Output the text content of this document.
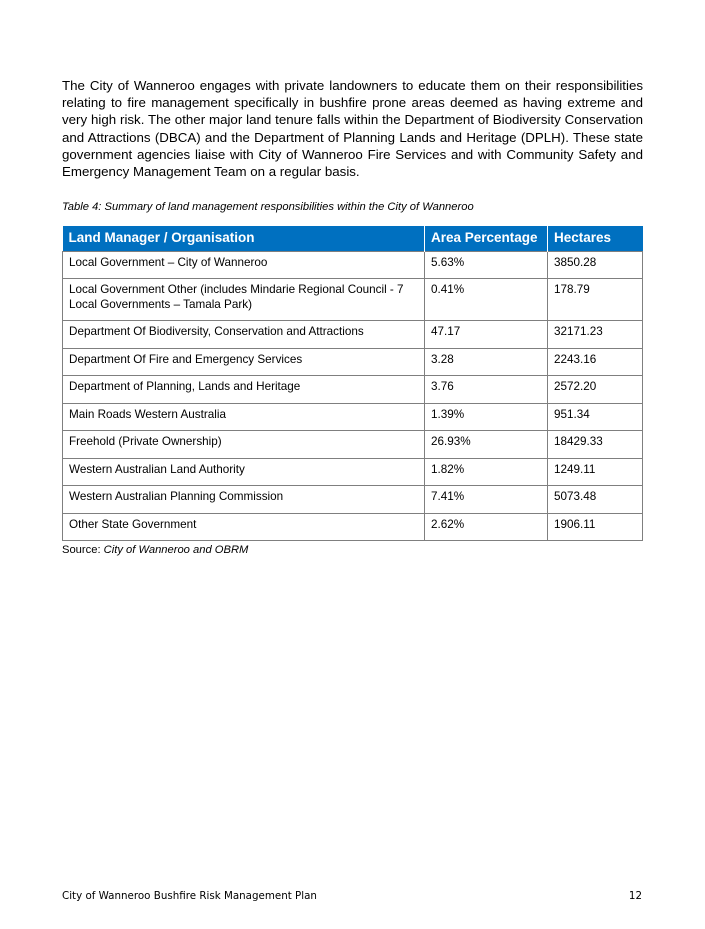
The City of Wanneroo engages with private landowners to educate them on their responsibilities relating to fire management specifically in bushfire prone areas deemed as having extreme and very high risk. The other major land tenure falls within the Department of Biodiversity Conservation and Attractions (DBCA) and the Department of Planning Lands and Heritage (DPLH). These state government agencies liaise with City of Wanneroo Fire Services and with Community Safety and Emergency Management Team on a regular basis.

Table 4: Summary of land management responsibilities within the City of Wanneroo

Land Manager / Organisation	Area Percentage	Hectares
Local Government – City of Wanneroo	5.63%	3850.28
Local Government Other (includes Mindarie Regional Council - 7 Local Governments – Tamala Park)	0.41%	178.79
Department Of Biodiversity, Conservation and Attractions	47.17	32171.23
Department Of Fire and Emergency Services	3.28	2243.16
Department of Planning, Lands and Heritage	3.76	2572.20
Main Roads Western Australia	1.39%	951.34
Freehold (Private Ownership)	26.93%	18429.33
Western Australian Land Authority	1.82%	1249.11
Western Australian Planning Commission	7.41%	5073.48
Other State Government	2.62%	1906.11

Source: City of Wanneroo and OBRM

City of Wanneroo Bushfire Risk Management Plan	12
